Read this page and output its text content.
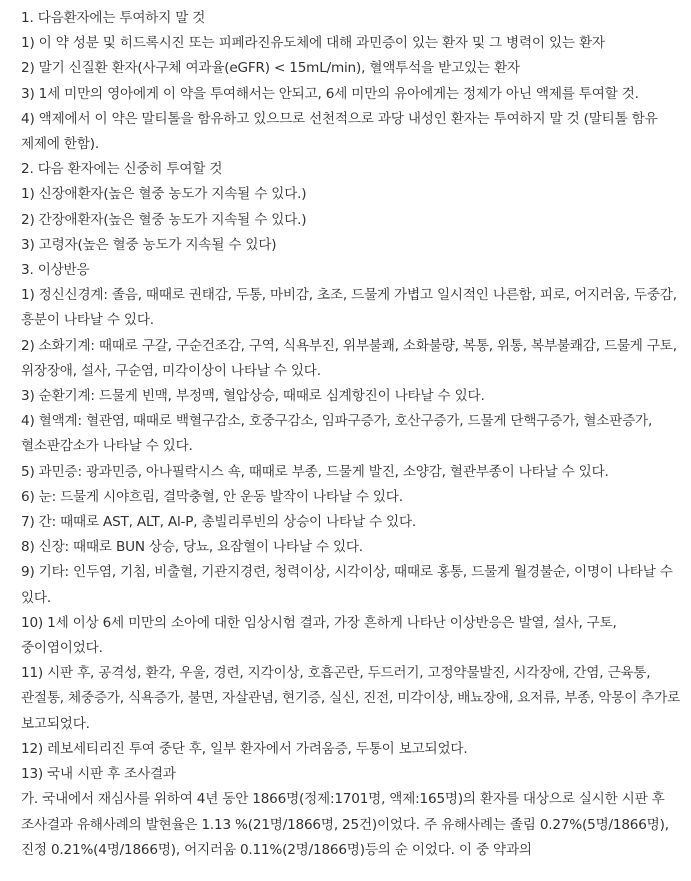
1. 다음환자에는 투여하지 말 것

1) 이 약 성분 및 히드록시진 또는 피페라진유도체에 대해 과민증이 있는 환자 및 그 병력이 있는 환자

2) 말기 신질환 환자(사구체 여과율(eGFR) < 15mL/min), 혈액투석을 받고있는 환자

3) 1세 미만의 영아에게 이 약을 투여해서는 안되고, 6세 미만의 유아에게는 정제가 아닌 액제를 투여할 것.

4) 액제에서 이 약은 말티톨을 함유하고 있으므로 선천적으로 과당 내성인 환자는 투여하지 말 것 (말티톨 함유 제제에 한함).

2. 다음 환자에는 신중히 투여할 것

1) 신장애환자(높은 혈중 농도가 지속될 수 있다.)

2) 간장애환자(높은 혈중 농도가 지속될 수 있다.)

3) 고령자(높은 혈중 농도가 지속될 수 있다)

3. 이상반응

1) 정신신경계: 졸음, 때때로 권태감, 두통, 마비감, 초조, 드물게 가볍고 일시적인 나른함, 피로, 어지러움, 두중감, 흥분이 나타날 수 있다.

2) 소화기계: 때때로 구갈, 구순건조감, 구역, 식욕부진, 위부불쾌, 소화불량, 복통, 위통, 복부불쾌감, 드물게 구토, 위장장애, 설사, 구순염, 미각이상이 나타날 수 있다.

3) 순환기계: 드물게 빈맥, 부정맥, 혈압상승, 때때로 심계항진이 나타날 수 있다.

4) 혈액계: 혈관염, 때때로 백혈구감소, 호중구감소, 임파구증가, 호산구증가, 드물게 단핵구증가, 혈소판증가, 혈소판감소가 나타날 수 있다.

5) 과민증: 광과민증, 아나필락시스 쇽, 때때로 부종, 드물게 발진, 소양감, 혈관부종이 나타날 수 있다.

6) 눈: 드물게 시야흐림, 결막충혈, 안 운동 발작이 나타날 수 있다.

7) 간: 때때로 AST, ALT, Al-P, 총빌리루빈의 상승이 나타날 수 있다.

8) 신장: 때때로 BUN 상승, 당뇨, 요잠혈이 나타날 수 있다.

9) 기타: 인두염, 기침, 비출혈, 기관지경련, 청력이상, 시각이상, 때때로 홍통, 드물게 월경불순, 이명이 나타날 수 있다.

10) 1세 이상 6세 미만의 소아에 대한 임상시험 결과, 가장 흔하게 나타난 이상반응은 발열, 설사, 구토, 중이염이었다.

11) 시판 후, 공격성, 환각, 우울, 경련, 지각이상, 호흡곤란, 두드러기, 고정약물발진, 시각장애, 간염, 근육통, 관절통, 체중증가, 식욕증가, 불면, 자살관념, 현기증, 실신, 진전, 미각이상, 배뇨장애, 요저류, 부종, 악몽이 추가로 보고되었다.

12) 레보세티리진 투여 중단 후, 일부 환자에서 가려움증, 두통이 보고되었다.

13) 국내 시판 후 조사결과

가. 국내에서 재심사를 위하여 4년 동안 1866명(정제:1701명, 액제:165명)의 환자를 대상으로 실시한 시판 후 조사결과 유해사례의 발현율은 1.13 %(21명/1866명, 25건)이었다. 주 유해사례는 졸림 0.27%(5명/1866명), 진정 0.21%(4명/1866명), 어지러움 0.11%(2명/1866명)등의 순 이었다. 이 중 약과의
